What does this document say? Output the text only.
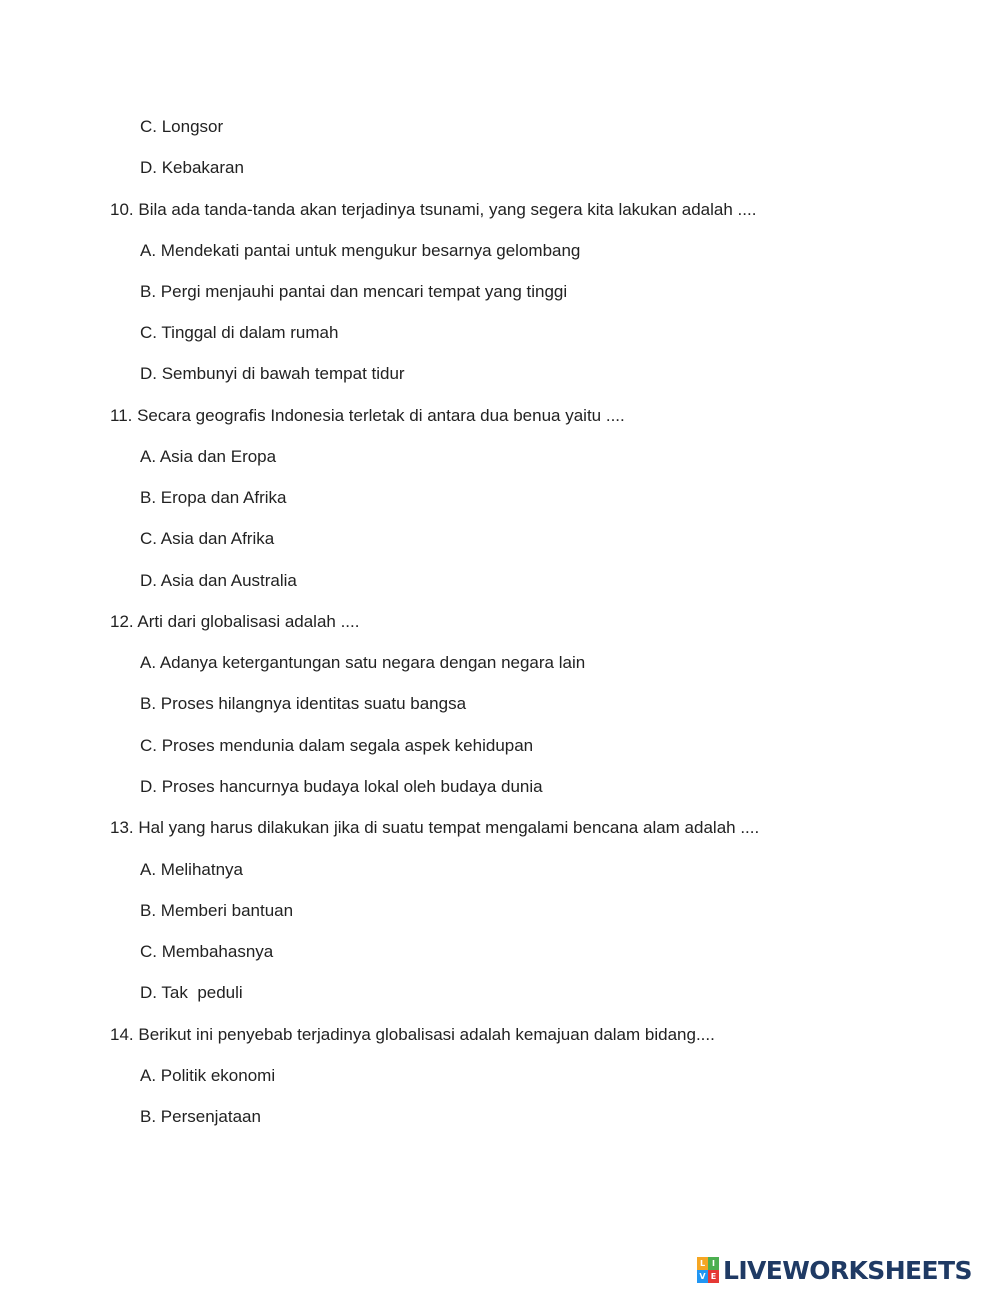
C. Longsor
D. Kebakaran
10. Bila ada tanda-tanda akan terjadinya tsunami, yang segera kita lakukan adalah ....
A. Mendekati pantai untuk mengukur besarnya gelombang
B. Pergi menjauhi pantai dan mencari tempat yang tinggi
C. Tinggal di dalam rumah
D. Sembunyi di bawah tempat tidur
11. Secara geografis Indonesia terletak di antara dua benua yaitu ....
A. Asia dan Eropa
B. Eropa dan Afrika
C. Asia dan Afrika
D. Asia dan Australia
12. Arti dari globalisasi adalah ....
A. Adanya ketergantungan satu negara dengan negara lain
B. Proses hilangnya identitas suatu bangsa
C. Proses mendunia dalam segala aspek kehidupan
D. Proses hancurnya budaya lokal oleh budaya dunia
13. Hal yang harus dilakukan jika di suatu tempat mengalami bencana alam adalah ....
A. Melihatnya
B. Memberi bantuan
C. Membahasnya
D. Tak  peduli
14. Berikut ini penyebab terjadinya globalisasi adalah kemajuan dalam bidang....
A. Politik ekonomi
B. Persenjataan
L I
V E LIVEWORKSHEETS
